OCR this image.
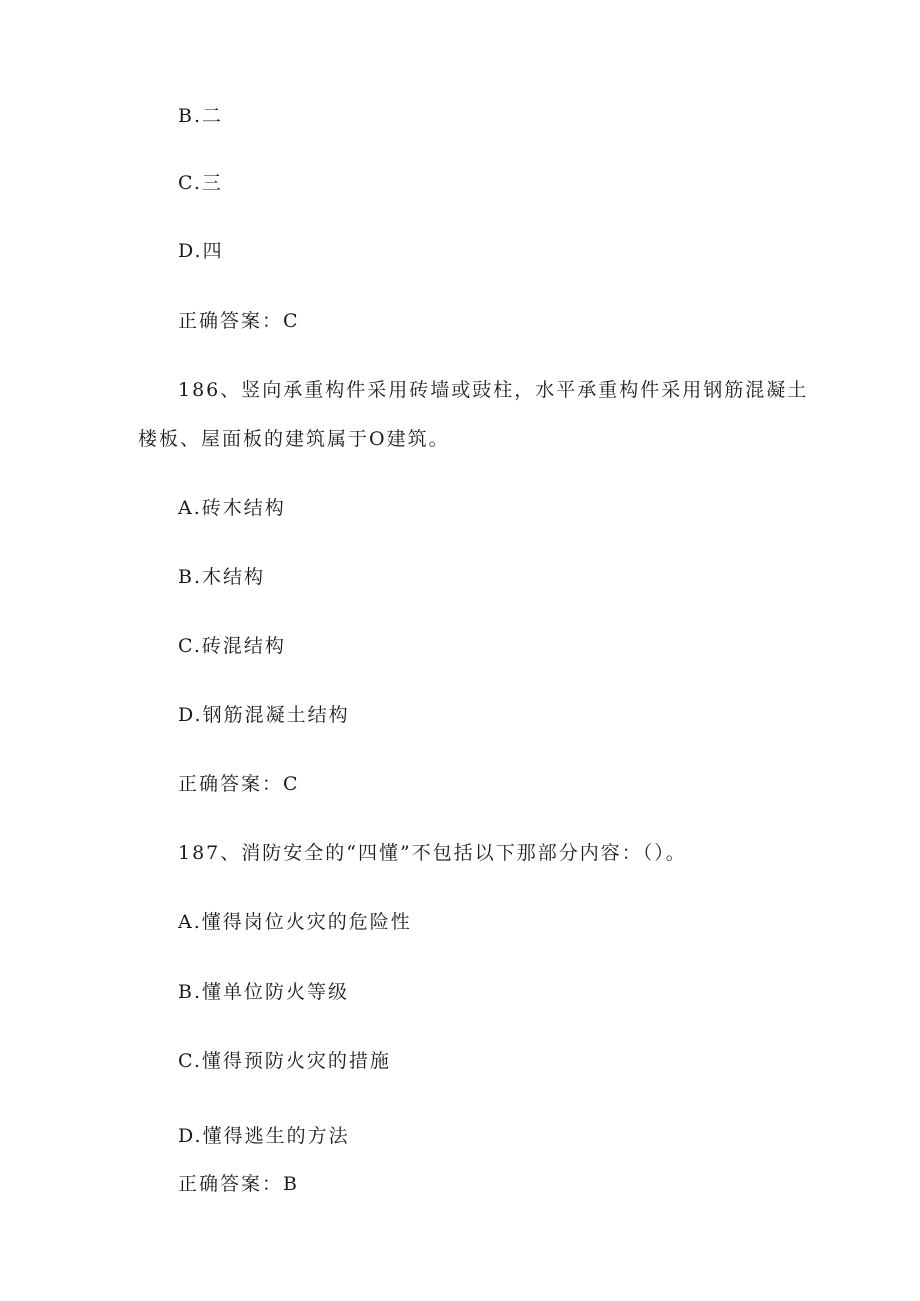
B.二
C.三
D.四
正确答案：C
186、竖向承重构件采用砖墙或豉柱，水平承重构件采用钢筋混凝土
楼板、屋面板的建筑属于O建筑。
A.砖木结构
B.木结构
C.砖混结构
D.钢筋混凝土结构
正确答案：C
187、消防安全的“四懂”不包括以下那部分内容：（）。
A.懂得岗位火灾的危险性
B.懂单位防火等级
C.懂得预防火灾的措施
D.懂得逃生的方法
正确答案：B
